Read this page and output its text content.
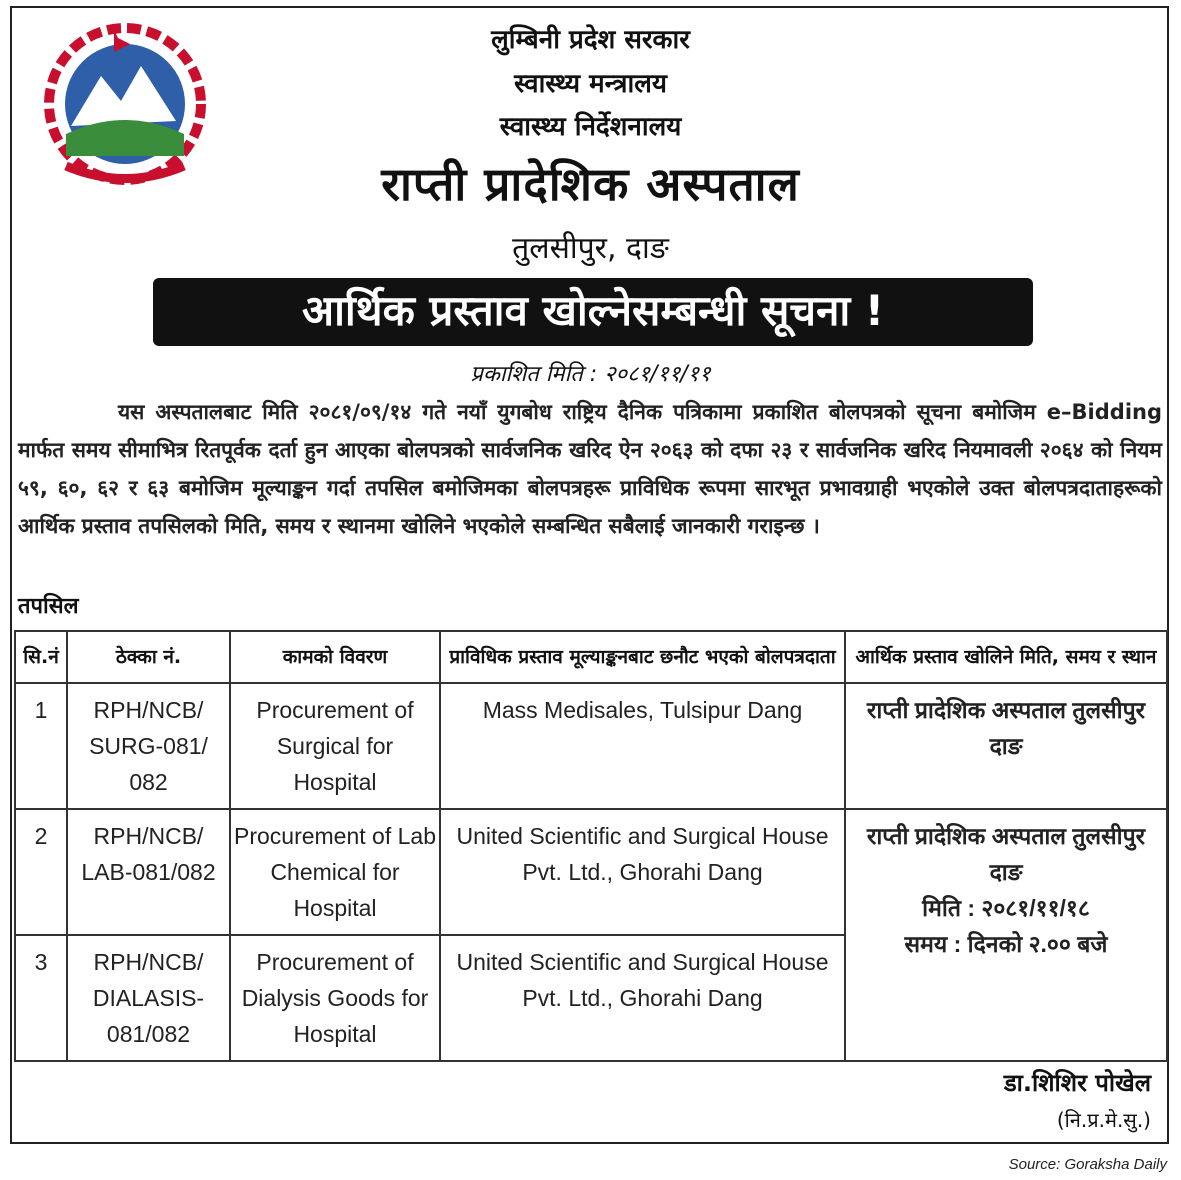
लुम्बिनी प्रदेश सरकार
स्वास्थ्य मन्त्रालय
स्वास्थ्य निर्देशनालय
राप्ती प्रादेशिक अस्पताल
तुलसीपुर, दाङ
आर्थिक प्रस्ताव खोल्नेसम्बन्धी सूचना !
प्रकाशित मिति : २०८१/११/११
यस अस्पतालबाट मिति २०८१/०९/१४ गते नयाँ युगबोध राष्ट्रिय दैनिक पत्रिकामा प्रकाशित बोलपत्रको सूचना बमोजिम e–Bidding मार्फत समय सीमाभित्र रितपूर्वक दर्ता हुन आएका बोलपत्रको सार्वजनिक खरिद ऐन २०६३ को दफा २३ र सार्वजनिक खरिद नियमावली २०६४ को नियम ५९, ६०, ६२ र ६३ बमोजिम मूल्याङ्कन गर्दा तपसिल बमोजिमका बोलपत्रहरू प्राविधिक रूपमा सारभूत प्रभावग्राही भएकोले उक्त बोलपत्रदाताहरूको आर्थिक प्रस्ताव तपसिलको मिति, समय र स्थानमा खोलिने भएकोले सम्बन्धित सबैलाई जानकारी गराइन्छ ।
तपसिल
सि.नं	ठेक्का नं.	कामको विवरण	प्राविधिक प्रस्ताव मूल्याङ्कनबाट छनौट भएको बोलपत्रदाता	आर्थिक प्रस्ताव खोलिने मिति, समय र स्थान
1	RPH/NCB/ SURG-081/ 082	Procurement of Surgical for Hospital	Mass Medisales, Tulsipur Dang	राप्ती प्रादेशिक अस्पताल तुलसीपुर दाङ
2	RPH/NCB/ LAB-081/082	Procurement of Lab Chemical for Hospital	United Scientific and Surgical House Pvt. Ltd., Ghorahi Dang	राप्ती प्रादेशिक अस्पताल तुलसीपुर दाङ
मिति : २०८१/११/१८
समय : दिनको २.०० बजे

3	RPH/NCB/ DIALASIS- 081/082	Procurement of Dialysis Goods for Hospital	United Scientific and Surgical House Pvt. Ltd., Ghorahi Dang	
डा.शिशिर पोखेल
(नि.प्र.मे.सु.)
Source: Goraksha Daily
